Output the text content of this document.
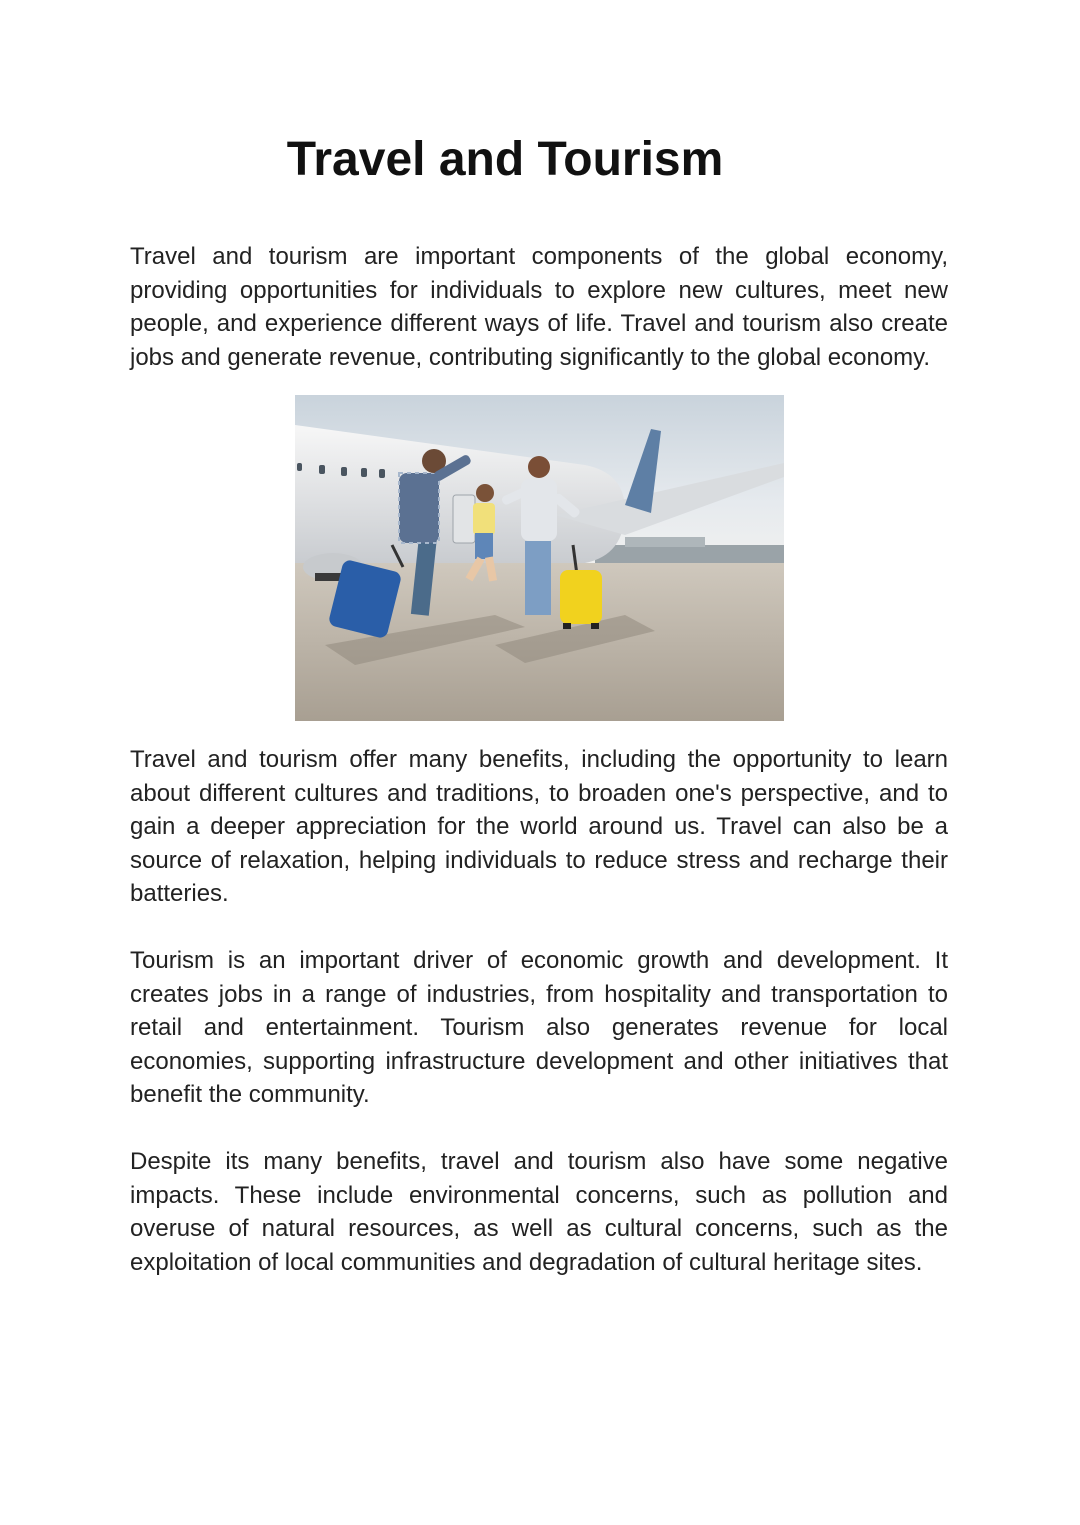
Travel and Tourism

Travel and tourism are important components of the global economy, providing opportunities for individuals to explore new cultures, meet new people, and experience different ways of life. Travel and tourism also create jobs and generate revenue, contributing significantly to the global economy.

Travel and tourism offer many benefits, including the opportunity to learn about different cultures and traditions, to broaden one's perspective, and to gain a deeper appreciation for the world around us. Travel can also be a source of relaxation, helping individuals to reduce stress and recharge their batteries.

Tourism is an important driver of economic growth and development. It creates jobs in a range of industries, from hospitality and transportation to retail and entertainment. Tourism also generates revenue for local economies, supporting infrastructure development and other initiatives that benefit the community.

Despite its many benefits, travel and tourism also have some negative impacts. These include environmental concerns, such as pollution and overuse of natural resources, as well as cultural concerns, such as the exploitation of local communities and degradation of cultural heritage sites.
